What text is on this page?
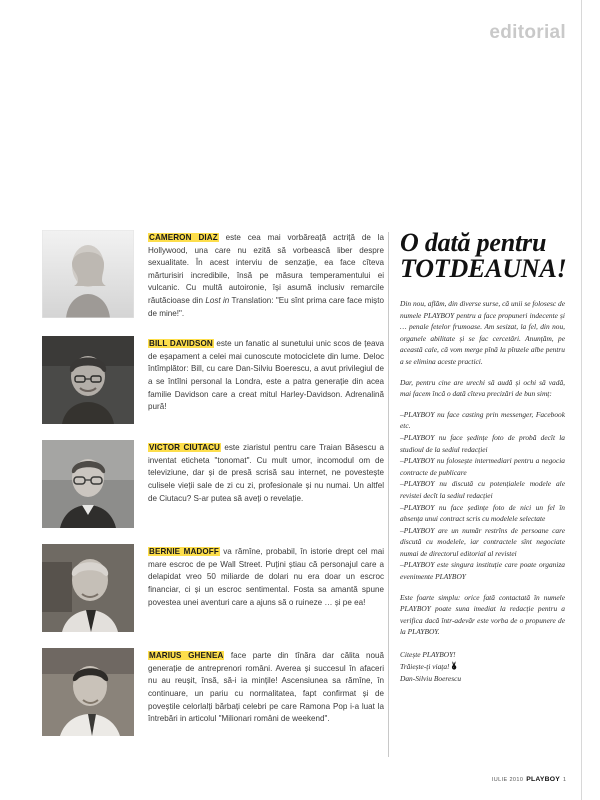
editorial

CAMERON DIAZ este cea mai vorbăreață actriță de la Hollywood, una care nu ezită să vorbească liber despre sexualitate. În acest interviu de senzație, ea face cîteva mărturisiri incredibile, însă pe măsura temperamentului ei vulcanic. Cu multă autoironie, își asumă inclusiv remarcile răutăcioase din Lost in Translation: "Eu sînt prima care face mișto de mine!".

BILL DAVIDSON este un fanatic al sunetului unic scos de țeava de eșapament a celei mai cunoscute motociclete din lume. Deloc întîmplător: Bill, cu care Dan-Silviu Boerescu, a avut privilegiul de a se întîlni personal la Londra, este a patra generație din acea familie Davidson care a creat mitul Harley-Davidson. Adrenalină pură!

VICTOR CIUTACU este ziaristul pentru care Traian Băsescu a inventat eticheta "tonomat". Cu mult umor, incomodul om de televiziune, dar și de presă scrisă sau internet, ne povestește culisele vieții sale de zi cu zi, profesionale și nu numai. Un altfel de Ciutacu? S-ar putea să aveți o revelație.

BERNIE MADOFF va rămîne, probabil, în istorie drept cel mai mare escroc de pe Wall Street. Puțini știau că personajul care a delapidat vreo 50 miliarde de dolari nu era doar un escroc financiar, ci și un escroc sentimental. Fosta sa amantă spune povestea unei aventuri care a ajuns să o ruineze … și pe ea!

MARIUS GHENEA face parte din tînăra dar călita nouă generație de antreprenori români. Averea și succesul în afaceri nu au reușit, însă, să-i ia mințile! Ascensiunea sa rămîne, în continuare, un pariu cu normalitatea, fapt confirmat și de poveștile celorlalți bărbați celebri pe care Ramona Pop i-a luat la întrebări in articolul "Milionari români de weekend".

O dată pentru
TOTDEAUNA!

Din nou, aflăm, din diverse surse, că unii se folosesc de numele PLAYBOY pentru a face propuneri indecente și … penale fetelor frumoase. Am sesizat, la fel, din nou, organele abilitate și se fac cercetări. Anunțăm, pe această cale, că vom merge pînă la pînzele albe pentru a se elimina aceste practici.

Dar, pentru cine are urechi să audă și ochi să vadă, mai facem încă o dată cîteva precizări de bun simț:

–PLAYBOY nu face casting prin messenger, Facebook etc.

–PLAYBOY nu face ședințe foto de probă decît la studioul de la sediul redacției

–PLAYBOY nu folosește intermediari pentru a negocia contracte de publicare

–PLAYBOY nu discută cu potențialele modele ale revistei decît la sediul redacției

–PLAYBOY nu face ședințe foto de nici un fel în absența unui contract scris cu modelele selectate

–PLAYBOY are un număr restrîns de persoane care discută cu modelele, iar contractele sînt negociate numai de directorul editorial al revistei

–PLAYBOY este singura instituție care poate organiza evenimente PLAYBOY

Este foarte simplu: orice fată contactată în numele PLAYBOY poate suna imediat la redacție pentru a verifica dacă într-adevăr este vorba de o propunere de la PLAYBOY.

Citește PLAYBOY!

Trăiește-ți viața!

Dan-Silviu Boerescu

IULIE 2010 PLAYBOY 1
